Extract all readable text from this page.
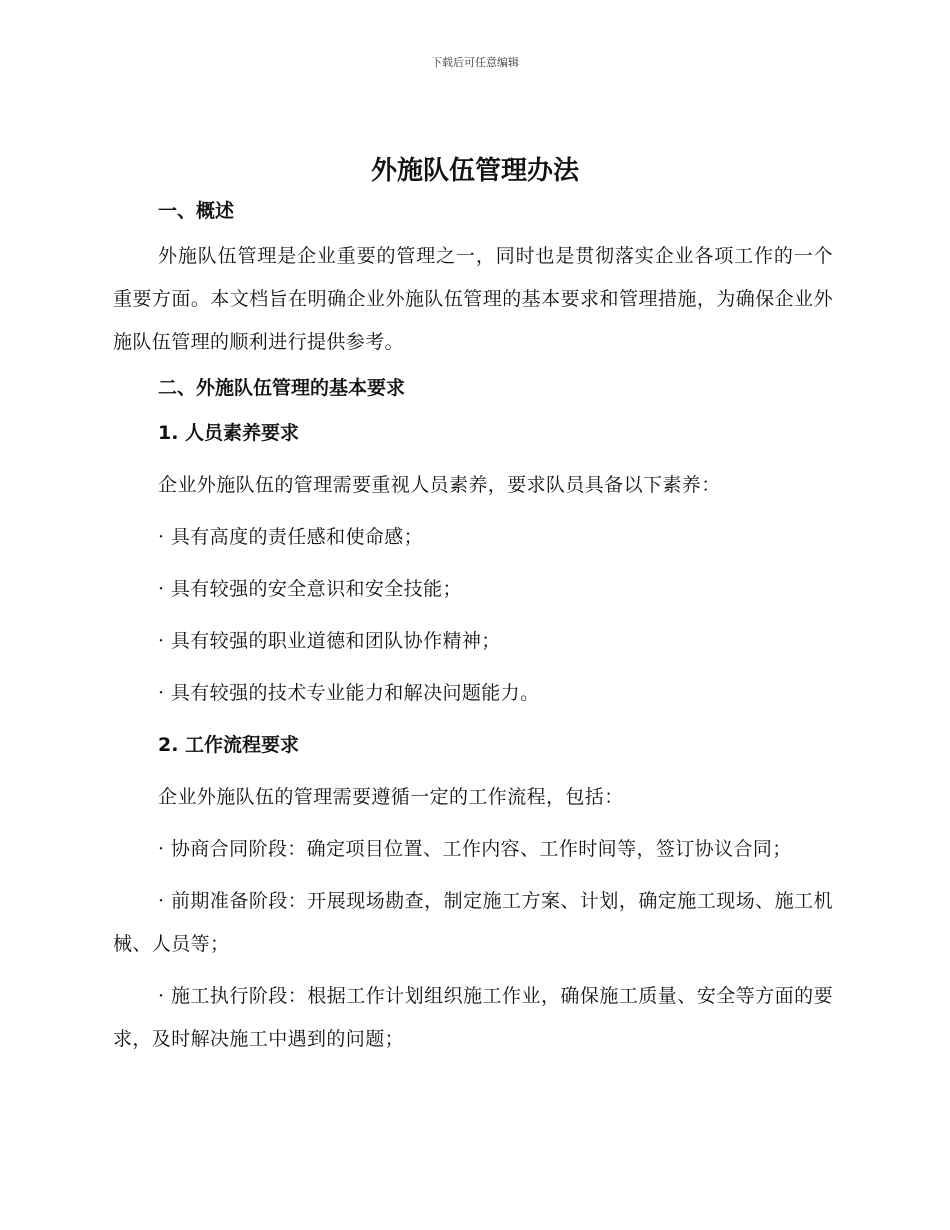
下载后可任意编辑
外施队伍管理办法
一、概述

外施队伍管理是企业重要的管理之一，同时也是贯彻落实企业各项工作的一个重要方面。本文档旨在明确企业外施队伍管理的基本要求和管理措施，为确保企业外施队伍管理的顺利进行提供参考。

二、外施队伍管理的基本要求
1. 人员素养要求

企业外施队伍的管理需要重视人员素养，要求队员具备以下素养：

· 具有高度的责任感和使命感；

· 具有较强的安全意识和安全技能；

· 具有较强的职业道德和团队协作精神；

· 具有较强的技术专业能力和解决问题能力。

2. 工作流程要求

企业外施队伍的管理需要遵循一定的工作流程，包括：

· 协商合同阶段：确定项目位置、工作内容、工作时间等，签订协议合同；

· 前期准备阶段：开展现场勘查，制定施工方案、计划，确定施工现场、施工机械、人员等；

· 施工执行阶段：根据工作计划组织施工作业，确保施工质量、安全等方面的要求，及时解决施工中遇到的问题；
